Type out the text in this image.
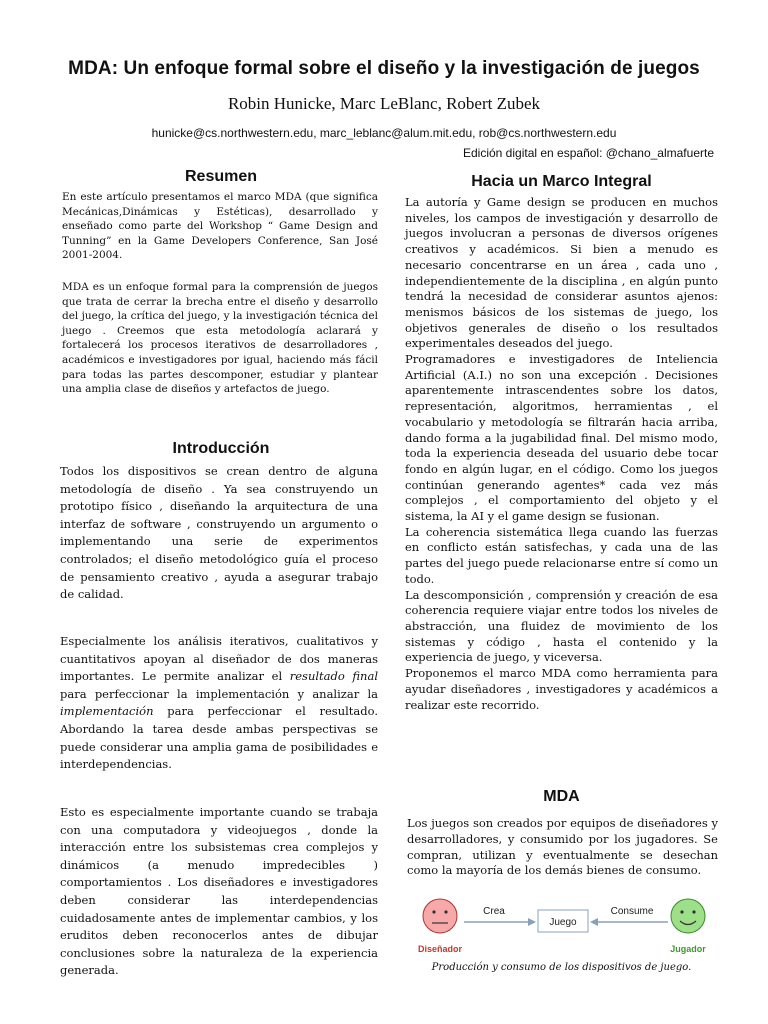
MDA: Un enfoque formal sobre el diseño y la investigación de juegos
Robin Hunicke, Marc LeBlanc, Robert Zubek
hunicke@cs.northwestern.edu, marc_leblanc@alum.mit.edu, rob@cs.northwestern.edu
Edición digital en español: @chano_almafuerte
Resumen

En este artículo presentamos el marco MDA (que significa Mecánicas,Dinámicas y Estéticas), desarrollado y enseñado como parte del Workshop “ Game Design and Tunning” en la Game Developers Conference, San José 2001-2004.

MDA es un enfoque formal para la comprensión de juegos que trata de cerrar la brecha entre el diseño y desarrollo del juego, la crítica del juego, y la investigación técnica del juego . Creemos que esta metodología aclarará y fortalecerá los procesos iterativos de desarrolladores , académicos e investigadores por igual, haciendo más fácil para todas las partes descomponer, estudiar y plantear una amplia clase de diseños y artefactos de juego.

Introducción

Todos los dispositivos se crean dentro de alguna metodología de diseño . Ya sea construyendo un prototipo físico , diseñando la arquitectura de una interfaz de software , construyendo un argumento o implementando una serie de experimentos controlados; el diseño metodológico guía el proceso de pensamiento creativo , ayuda a asegurar trabajo de calidad.

Especialmente los análisis iterativos, cualitativos y cuantitativos apoyan al diseñador de dos maneras importantes. Le permite analizar el resultado final para perfeccionar la implementación y analizar la implementación para perfeccionar el resultado. Abordando la tarea desde ambas perspectivas se puede considerar una amplia gama de posibilidades e interdependencias.

Esto es especialmente importante cuando se trabaja con una computadora y videojuegos , donde la interacción entre los subsistemas crea complejos y dinámicos (a menudo impredecibles ) comportamientos . Los diseñadores e investigadores deben considerar las interdependencias cuidadosamente antes de implementar cambios, y los eruditos deben reconocerlos antes de dibujar conclusiones sobre la naturaleza de la experiencia generada.

Hacia un Marco Integral

La autoría y Game design se producen en muchos niveles, los campos de investigación y desarrollo de juegos involucran a personas de diversos orígenes creativos y académicos. Si bien a menudo es necesario concentrarse en un área , cada uno , independientemente de la disciplina , en algún punto tendrá la necesidad de considerar asuntos ajenos: menismos básicos de los sistemas de juego, los objetivos generales de diseño o los resultados experimentales deseados del juego.

Programadores e investigadores de Inteliencia Artificial (A.I.) no son una excepción . Decisiones aparentemente intrascendentes sobre los datos, representación, algoritmos, herramientas , el vocabulario y metodología se filtrarán hacia arriba, dando forma a la jugabilidad final. Del mismo modo, toda la experiencia deseada del usuario debe tocar fondo en algún lugar, en el código. Como los juegos continúan generando agentes* cada vez más complejos , el comportamiento del objeto y el sistema, la AI y el game design se fusionan.

La coherencia sistemática llega cuando las fuerzas en conflicto están satisfechas, y cada una de las partes del juego puede relacionarse entre sí como un todo.

La descomponsición , comprensión y creación de esa coherencia requiere viajar entre todos los niveles de abstracción, una fluidez de movimiento de los sistemas y código , hasta el contenido y la experiencia de juego, y viceversa.

Proponemos el marco MDA como herramienta para ayudar diseñadores , investigadores y académicos a realizar este recorrido.

MDA

Los juegos son creados por equipos de diseñadores y desarrolladores, y consumido por los jugadores. Se compran, utilizan y eventualmente se desechan como la mayoría de los demás bienes de consumo.

Diseñador
Crea
Juego
Consume
Jugador
Producción y consumo de los dispositivos de juego.
